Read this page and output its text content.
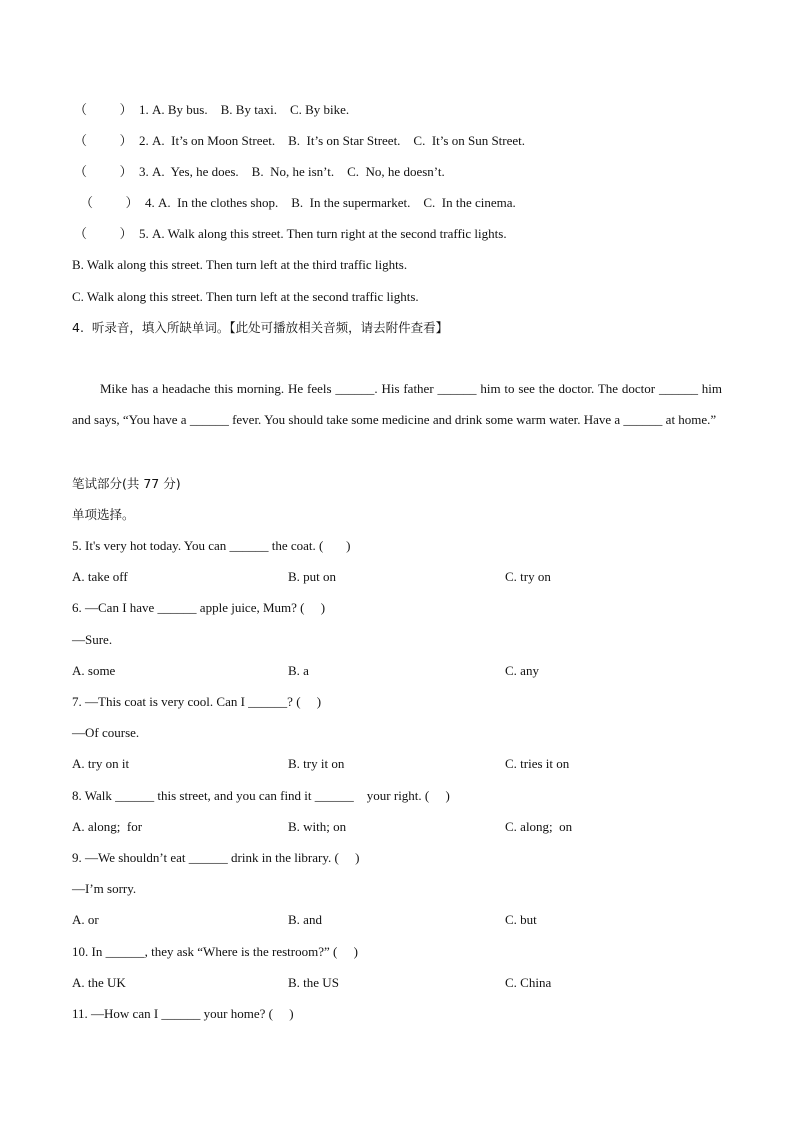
（          ）  1. A. By bus.    B. By taxi.    C. By bike.
（          ）  2. A.  It’s on Moon Street.    B.  It’s on Star Street.    C.  It’s on Sun Street.
（          ）  3. A.  Yes, he does.    B.  No, he isn’t.    C.  No, he doesn’t.
（          ）  4. A.  In the clothes shop.    B.  In the supermarket.    C.  In the cinema.
（          ）  5. A. Walk along this street. Then turn right at the second traffic lights.
B. Walk along this street. Then turn left at the third traffic lights.
C. Walk along this street. Then turn left at the second traffic lights.
4.  听录音，填入所缺单词。【此处可播放相关音频，请去附件查看】
Mike has a headache this morning. He feels ______. His father ______ him to see the doctor. The doctor ______ him and says, “You have a ______ fever. You should take some medicine and drink some warm water. Have a ______ at home.”
笔试部分(共 77 分)
单项选择。
5. It's very hot today. You can ______ the coat. (       )
A. take off	B. put on	C. try on
6. —Can I have ______ apple juice, Mum? (     )
—Sure.
A. some	B. a	C. any
7. —This coat is very cool. Can I ______? (     )
—Of course.
A. try on it	B. try it on	C. tries it on
8. Walk ______ this street, and you can find it ______    your right. (     )
A. along;  for	B. with; on	C. along;  on
9. —We shouldn’t eat ______ drink in the library. (     )
—I’m sorry.
A. or	B. and	C. but
10. In ______, they ask “Where is the restroom?” (     )
A. the UK	B. the US	C. China
11. —How can I ______ your home? (     )
